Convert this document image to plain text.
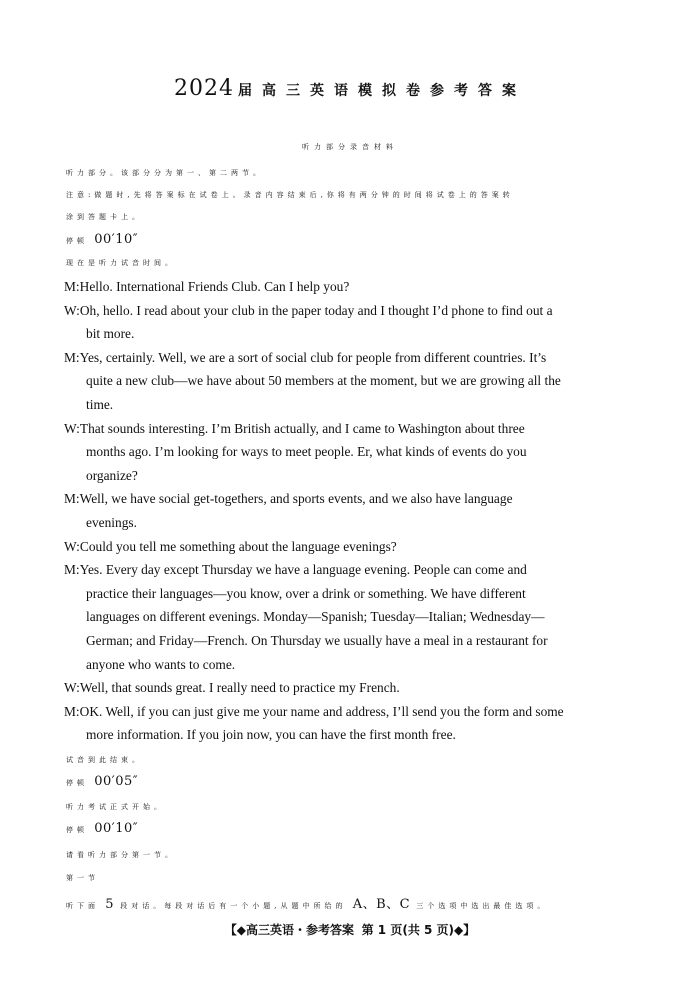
2024 届高三英语模拟卷参考答案
听力部分录音材料
听力部分。该部分分为第一、第二两节。
注意:做题时,先将答案标在试卷上。录音内容结束后,你将有两分钟的时间将试卷上的答案转
涂到答题卡上。
停顿 00′10″
现在是听力试音时间。
M:Hello. International Friends Club. Can I help you?
W:Oh, hello. I read about your club in the paper today and I thought I’d phone to find out a
bit more.
M:Yes, certainly. Well, we are a sort of social club for people from different countries. It’s
quite a new club—we have about 50 members at the moment, but we are growing all the
time.
W:That sounds interesting. I’m British actually, and I came to Washington about three
months ago. I’m looking for ways to meet people. Er, what kinds of events do you
organize?
M:Well, we have social get-togethers, and sports events, and we also have language
evenings.
W:Could you tell me something about the language evenings?
M:Yes. Every day except Thursday we have a language evening. People can come and
practice their languages—you know, over a drink or something. We have different
languages on different evenings. Monday—Spanish; Tuesday—Italian; Wednesday—
German; and Friday—French. On Thursday we usually have a meal in a restaurant for
anyone who wants to come.
W:Well, that sounds great. I really need to practice my French.
M:OK. Well, if you can just give me your name and address, I’ll send you the form and some
more information. If you join now, you can have the first month free.
试音到此结束。
停顿 00′05″
听力考试正式开始。
停顿 00′10″
请看听力部分第一节。
第一节
听下面 5 段对话。每段对话后有一个小题,从题中所给的 A、B、C 三个选项中选出最佳选项。
【◆高三英语・参考答案 第 1 页(共 5 页)◆】
